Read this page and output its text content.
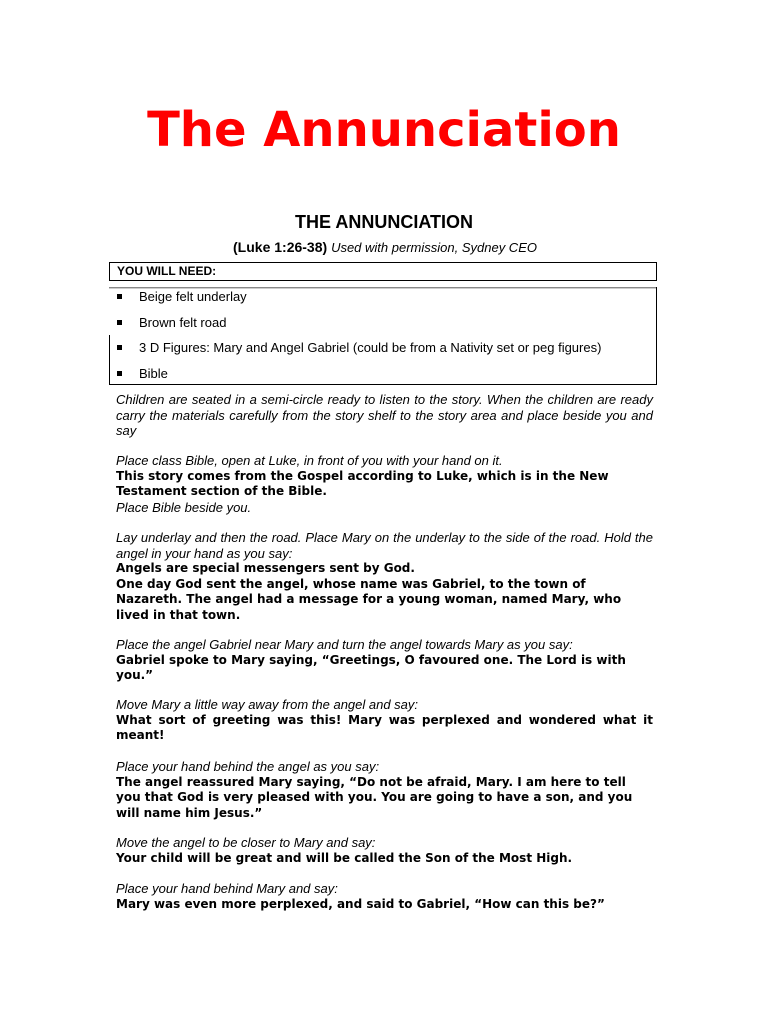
The Annunciation
THE ANNUNCIATION
(Luke 1:26-38) Used with permission, Sydney CEO
YOU WILL NEED:
Beige felt underlay
Brown felt road
3 D Figures: Mary and Angel Gabriel (could be from a Nativity set or peg figures)
Bible
Children are seated in a semi-circle ready to listen to the story. When the children are ready carry the materials carefully from the story shelf to the story area and place beside you and say

Place class Bible, open at Luke, in front of you with your hand on it.

This story comes from the Gospel according to Luke, which is in the New Testament section of the Bible.

Place Bible beside you.

Lay underlay and then the road. Place Mary on the underlay to the side of the road. Hold the angel in your hand as you say:

Angels are special messengers sent by God.

One day God sent the angel, whose name was Gabriel, to the town of Nazareth. The angel had a message for a young woman, named Mary, who lived in that town.

Place the angel Gabriel near Mary and turn the angel towards Mary as you say:

Gabriel spoke to Mary saying, “Greetings, O favoured one. The Lord is with you.”

Move Mary a little way away from the angel and say:

What sort of greeting was this! Mary was perplexed and wondered what it meant!

Place your hand behind the angel as you say:

The angel reassured Mary saying, “Do not be afraid, Mary. I am here to tell you that God is very pleased with you. You are going to have a son, and you will name him Jesus.”

Move the angel to be closer to Mary and say:

Your child will be great and will be called the Son of the Most High.

Place your hand behind Mary and say:

Mary was even more perplexed, and said to Gabriel, “How can this be?”
